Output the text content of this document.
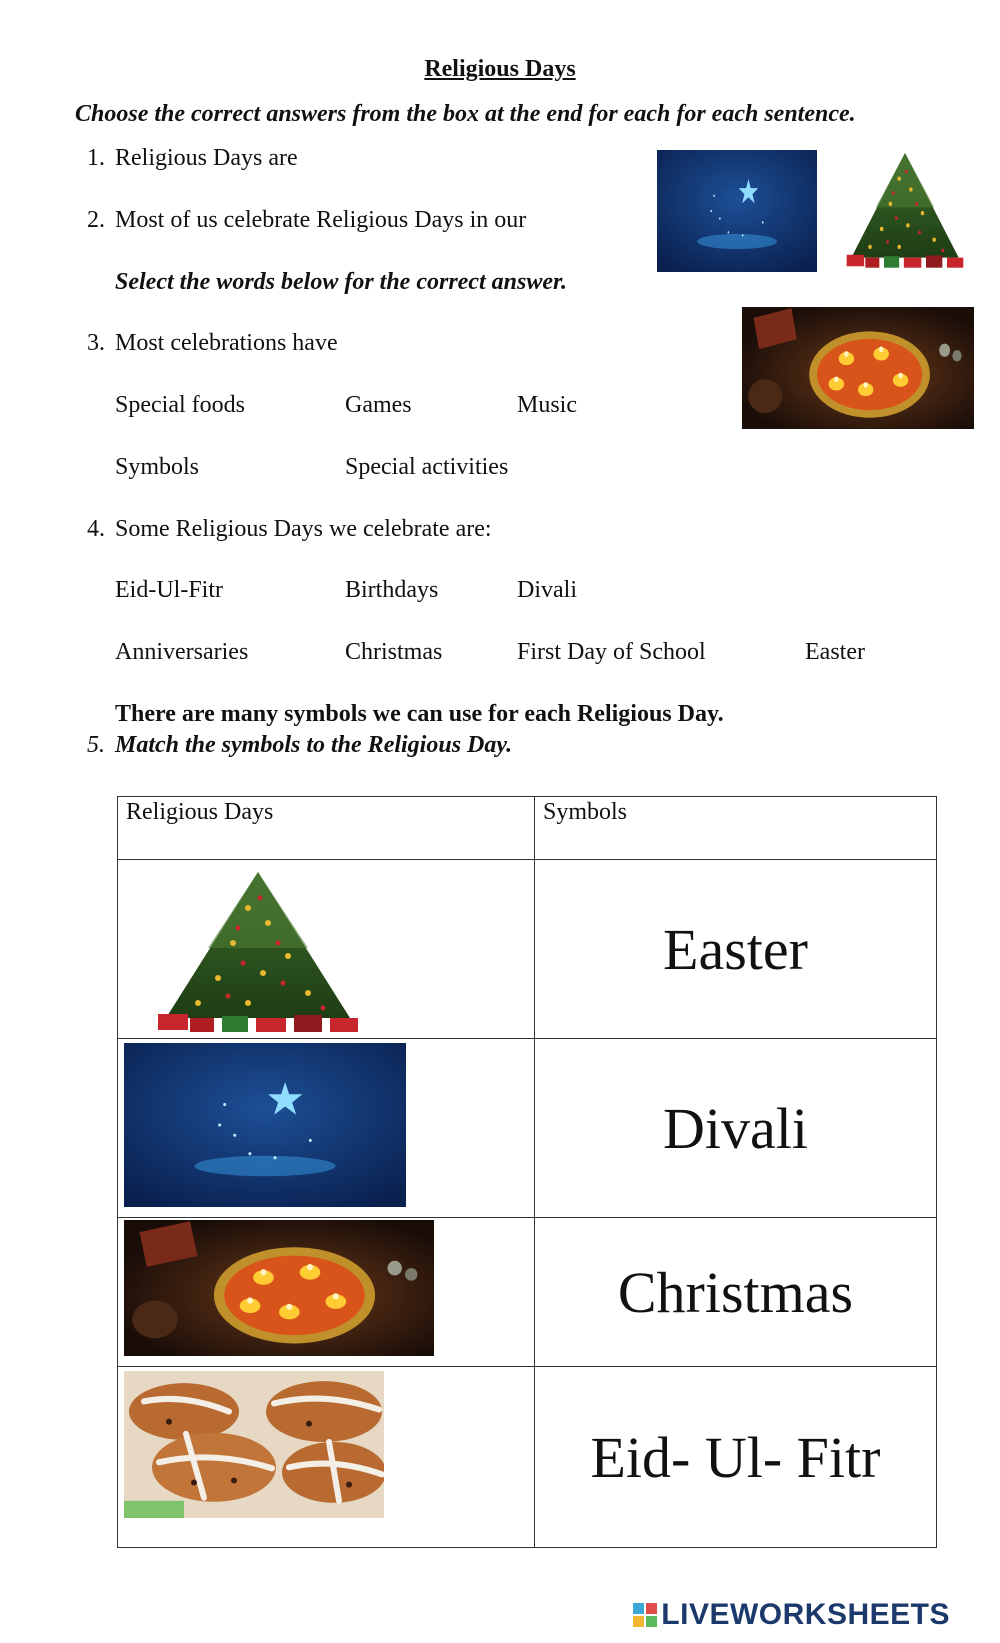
Religious Days
Choose the correct answers from the box at the end for each for each sentence.
1. Religious Days are
2. Most of us celebrate Religious Days in our
Select the words below for the correct answer.
3. Most celebrations have
Special foods	Games	Music
Symbols	Special activities
4. Some Religious Days we celebrate are:
Eid-Ul-Fitr	Birthdays	Divali
Anniversaries	Christmas	First Day of School	Easter
There are many symbols we can use for each Religious Day.
5. Match the symbols to the Religious Day.
Religious Days	Symbols

	Easter

	Divali

	Christmas

	Eid- Ul- Fitr
LIVEWORKSHEETS
